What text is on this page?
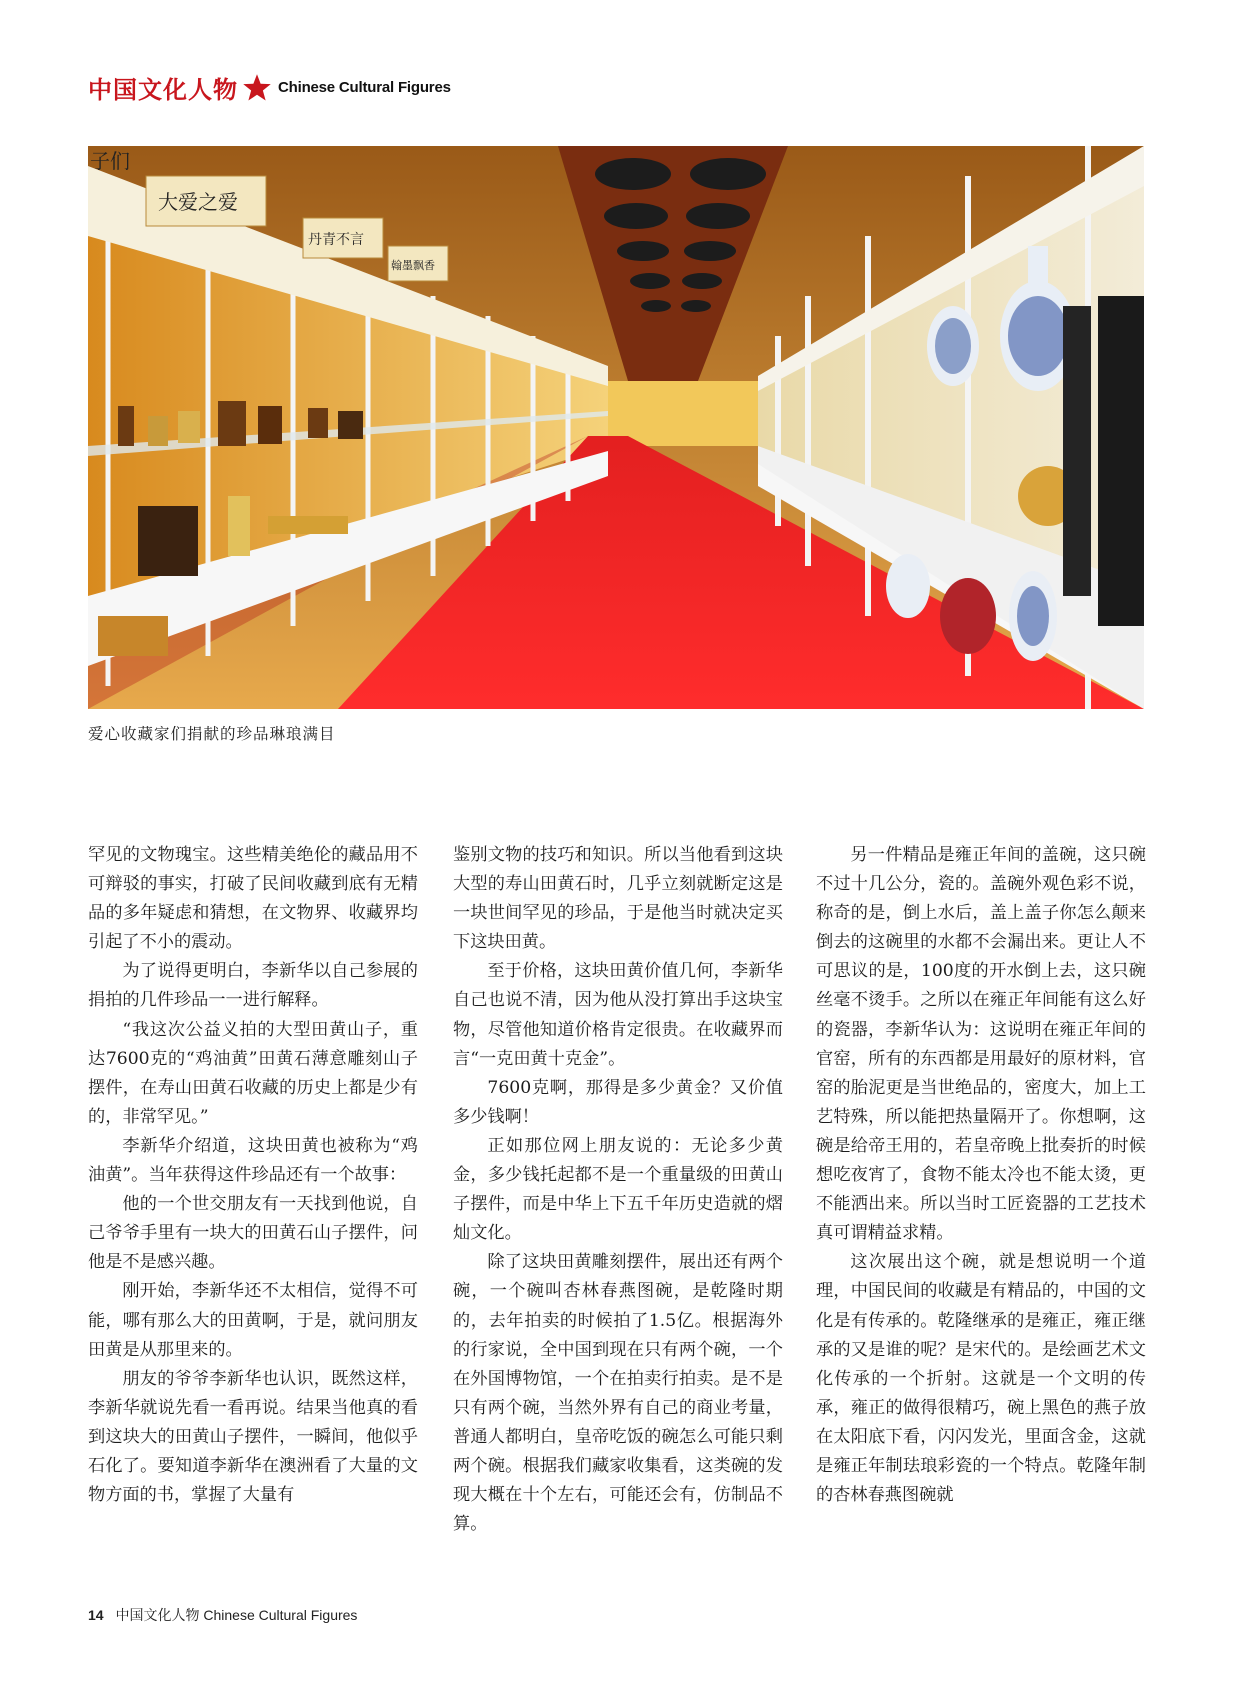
中国文化人物	Chinese Cultural Figures
大爱之爱
丹青不言
翰墨飘香
子们
爱心收藏家们捐献的珍品琳琅满目

罕见的文物瑰宝。这些精美绝伦的藏品用不可辩驳的事实，打破了民间收藏到底有无精品的多年疑虑和猜想，在文物界、收藏界均引起了不小的震动。

为了说得更明白，李新华以自己参展的捐拍的几件珍品一一进行解释。

“我这次公益义拍的大型田黄山子，重达7600克的“鸡油黄”田黄石薄意雕刻山子摆件，在寿山田黄石收藏的历史上都是少有的，非常罕见。”

李新华介绍道，这块田黄也被称为“鸡油黄”。当年获得这件珍品还有一个故事：

他的一个世交朋友有一天找到他说，自己爷爷手里有一块大的田黄石山子摆件，问他是不是感兴趣。

刚开始，李新华还不太相信，觉得不可能，哪有那么大的田黄啊，于是，就问朋友田黄是从那里来的。

朋友的爷爷李新华也认识，既然这样，李新华就说先看一看再说。结果当他真的看到这块大的田黄山子摆件，一瞬间，他似乎石化了。要知道李新华在澳洲看了大量的文物方面的书，掌握了大量有

鉴别文物的技巧和知识。所以当他看到这块大型的寿山田黄石时，几乎立刻就断定这是一块世间罕见的珍品，于是他当时就决定买下这块田黄。

至于价格，这块田黄价值几何，李新华自己也说不清，因为他从没打算出手这块宝物，尽管他知道价格肯定很贵。在收藏界而言“一克田黄十克金”。

7600克啊，那得是多少黄金？又价值多少钱啊！

正如那位网上朋友说的：无论多少黄金，多少钱托起都不是一个重量级的田黄山子摆件，而是中华上下五千年历史造就的熠灿文化。

除了这块田黄雕刻摆件，展出还有两个碗，一个碗叫杏林春燕图碗，是乾隆时期的，去年拍卖的时候拍了1.5亿。根据海外的行家说，全中国到现在只有两个碗，一个在外国博物馆，一个在拍卖行拍卖。是不是只有两个碗，当然外界有自己的商业考量，普通人都明白，皇帝吃饭的碗怎么可能只剩两个碗。根据我们藏家收集看，这类碗的发现大概在十个左右，可能还会有，仿制品不算。

另一件精品是雍正年间的盖碗，这只碗不过十几公分，瓷的。盖碗外观色彩不说，称奇的是，倒上水后，盖上盖子你怎么颠来倒去的这碗里的水都不会漏出来。更让人不可思议的是，100度的开水倒上去，这只碗丝毫不烫手。之所以在雍正年间能有这么好的瓷器，李新华认为：这说明在雍正年间的官窑，所有的东西都是用最好的原材料，官窑的胎泥更是当世绝品的，密度大，加上工艺特殊，所以能把热量隔开了。你想啊，这碗是给帝王用的，若皇帝晚上批奏折的时候想吃夜宵了，食物不能太冷也不能太烫，更不能洒出来。所以当时工匠瓷器的工艺技术真可谓精益求精。

这次展出这个碗，就是想说明一个道理，中国民间的收藏是有精品的，中国的文化是有传承的。乾隆继承的是雍正，雍正继承的又是谁的呢？是宋代的。是绘画艺术文化传承的一个折射。这就是一个文明的传承，雍正的做得很精巧，碗上黑色的燕子放在太阳底下看，闪闪发光，里面含金，这就是雍正年制珐琅彩瓷的一个特点。乾隆年制的杏林春燕图碗就

14 中国文化人物 Chinese Cultural Figures
